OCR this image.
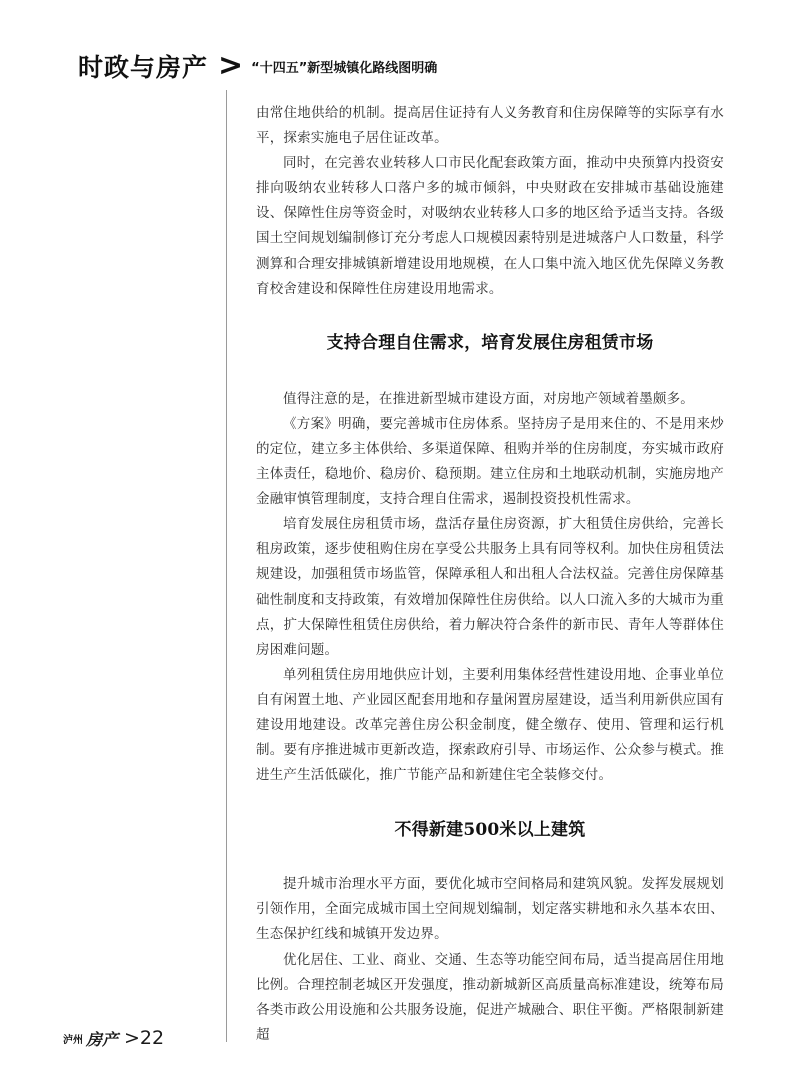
时政与房产 > “十四五”新型城镇化路线图明确

由常住地供给的机制。提高居住证持有人义务教育和住房保障等的实际享有水平，探索实施电子居住证改革。

同时，在完善农业转移人口市民化配套政策方面，推动中央预算内投资安排向吸纳农业转移人口落户多的城市倾斜，中央财政在安排城市基础设施建设、保障性住房等资金时，对吸纳农业转移人口多的地区给予适当支持。各级国土空间规划编制修订充分考虑人口规模因素特别是进城落户人口数量，科学测算和合理安排城镇新增建设用地规模，在人口集中流入地区优先保障义务教育校舍建设和保障性住房建设用地需求。

支持合理自住需求，培育发展住房租赁市场

值得注意的是，在推进新型城市建设方面，对房地产领域着墨颇多。

《方案》明确，要完善城市住房体系。坚持房子是用来住的、不是用来炒的定位，建立多主体供给、多渠道保障、租购并举的住房制度，夯实城市政府主体责任，稳地价、稳房价、稳预期。建立住房和土地联动机制，实施房地产金融审慎管理制度，支持合理自住需求，遏制投资投机性需求。

培育发展住房租赁市场，盘活存量住房资源，扩大租赁住房供给，完善长租房政策，逐步使租购住房在享受公共服务上具有同等权利。加快住房租赁法规建设，加强租赁市场监管，保障承租人和出租人合法权益。完善住房保障基础性制度和支持政策，有效增加保障性住房供给。以人口流入多的大城市为重点，扩大保障性租赁住房供给，着力解决符合条件的新市民、青年人等群体住房困难问题。

单列租赁住房用地供应计划，主要利用集体经营性建设用地、企事业单位自有闲置土地、产业园区配套用地和存量闲置房屋建设，适当利用新供应国有建设用地建设。改革完善住房公积金制度，健全缴存、使用、管理和运行机制。要有序推进城市更新改造，探索政府引导、市场运作、公众参与模式。推进生产生活低碳化，推广节能产品和新建住宅全装修交付。

不得新建500米以上建筑

提升城市治理水平方面，要优化城市空间格局和建筑风貌。发挥发展规划引领作用，全面完成城市国土空间规划编制，划定落实耕地和永久基本农田、生态保护红线和城镇开发边界。

优化居住、工业、商业、交通、生态等功能空间布局，适当提高居住用地比例。合理控制老城区开发强度，推动新城新区高质量高标准建设，统筹布局各类市政公用设施和公共服务设施，促进产城融合、职住平衡。严格限制新建超

泸州 房产 >22
